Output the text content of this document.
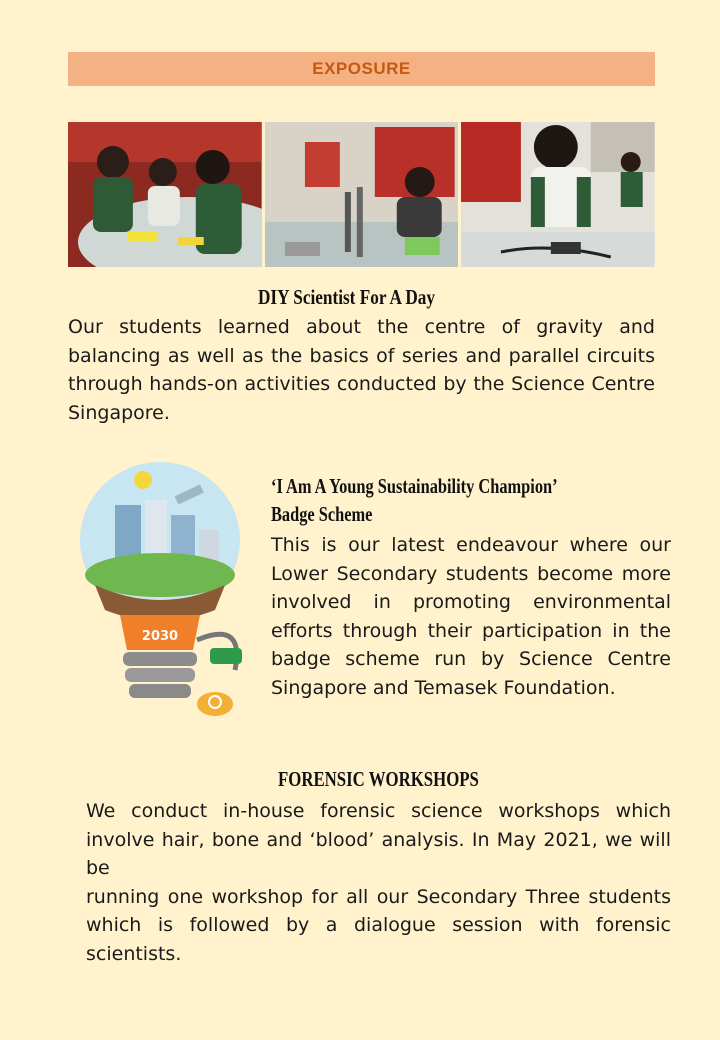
EXPOSURE
DIY Scientist For A Day
Our students learned about the centre of gravity and
balancing as well as the basics of series and parallel circuits
through hands-on activities conducted by the Science Centre
Singapore.
2030
‘I Am A Young Sustainability Champion’
Badge Scheme
This is our latest endeavour where our
Lower Secondary students become more
involved in promoting environmental
efforts through their participation in the
badge scheme run by Science Centre
Singapore and Temasek Foundation.
FORENSIC WORKSHOPS
We conduct in-house forensic science workshops which
involve hair, bone and ‘blood’ analysis. In May 2021, we will be
running one workshop for all our Secondary Three students
which is followed by a dialogue session with forensic
scientists.
